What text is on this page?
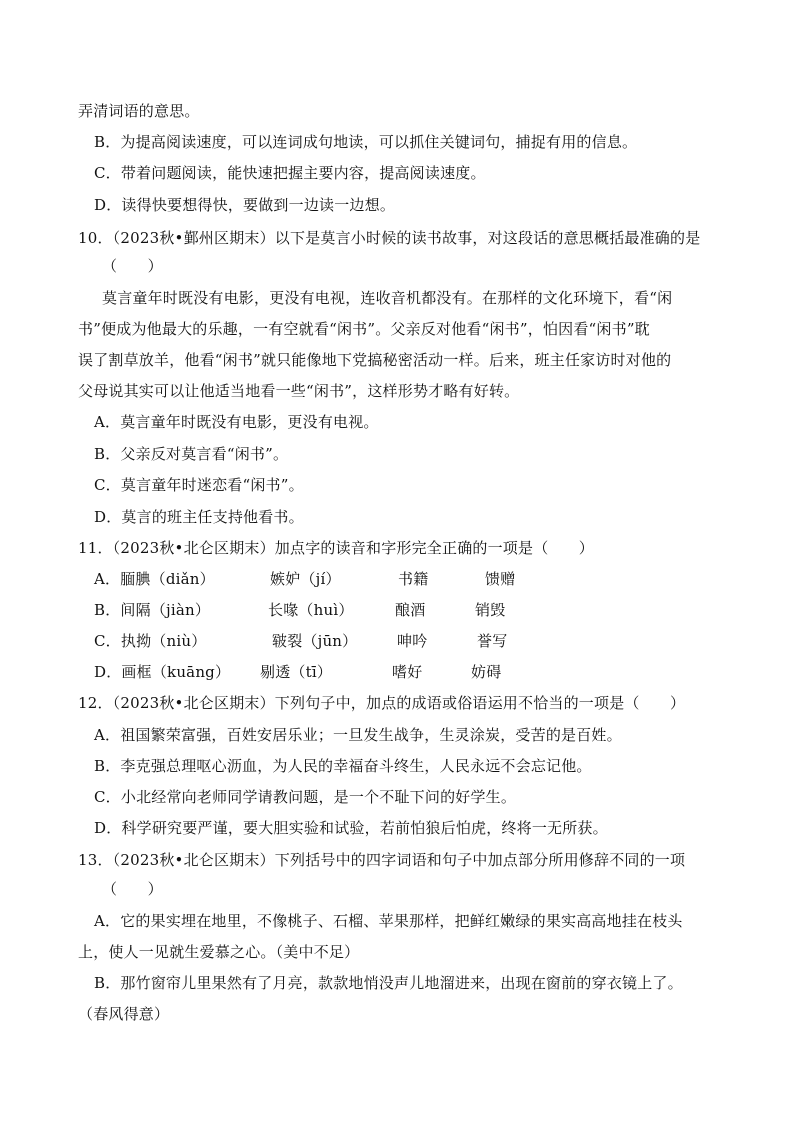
弄清词语的意思。
B．为提高阅读速度，可以连词成句地读，可以抓住关键词句，捕捉有用的信息。
C．带着问题阅读，能快速把握主要内容，提高阅读速度。
D．读得快要想得快，要做到一边读一边想。
10．（2023秋•鄞州区期末）以下是莫言小时候的读书故事，对这段话的意思概括最准确的是
（　　）
莫言童年时既没有电影，更没有电视，连收音机都没有。在那样的文化环境下，看“闲
书”便成为他最大的乐趣，一有空就看“闲书”。父亲反对他看“闲书”，怕因看“闲书”耽
误了割草放羊，他看“闲书”就只能像地下党搞秘密活动一样。后来，班主任家访时对他的
父母说其实可以让他适当地看一些“闲书”，这样形势才略有好转。
A．莫言童年时既没有电影，更没有电视。
B．父亲反对莫言看“闲书”。
C．莫言童年时迷恋看“闲书”。
D．莫言的班主任支持他看书。
11．（2023秋•北仑区期末）加点字的读音和字形完全正确的一项是（　　）
A．腼腆（diǎn）	嫉妒（jí）	书籍	馈赠
B．间隔（jiàn）	长喙（huì）	酿酒	销毁
C．执拗（niù）	皲裂（jūn）	呻吟	誉写
D．画框（kuāng） 剔透（tī）	嗜好	妨碍
12．（2023秋•北仑区期末）下列句子中，加点的成语或俗语运用不恰当的一项是（　　）
A．祖国繁荣富强，百姓安居乐业；一旦发生战争，生灵涂炭，受苦的是百姓。
B．李克强总理呕心沥血，为人民的幸福奋斗终生，人民永远不会忘记他。
C．小北经常向老师同学请教问题，是一个不耻下问的好学生。
D．科学研究要严谨，要大胆实验和试验，若前怕狼后怕虎，终将一无所获。
13．（2023秋•北仑区期末）下列括号中的四字词语和句子中加点部分所用修辞不同的一项
（　　）
A．它的果实埋在地里，不像桃子、石榴、苹果那样，把鲜红嫩绿的果实高高地挂在枝头
上，使人一见就生爱慕之心。（美中不足）
B．那竹窗帘儿里果然有了月亮，款款地悄没声儿地溜进来，出现在窗前的穿衣镜上了。
（春风得意）
